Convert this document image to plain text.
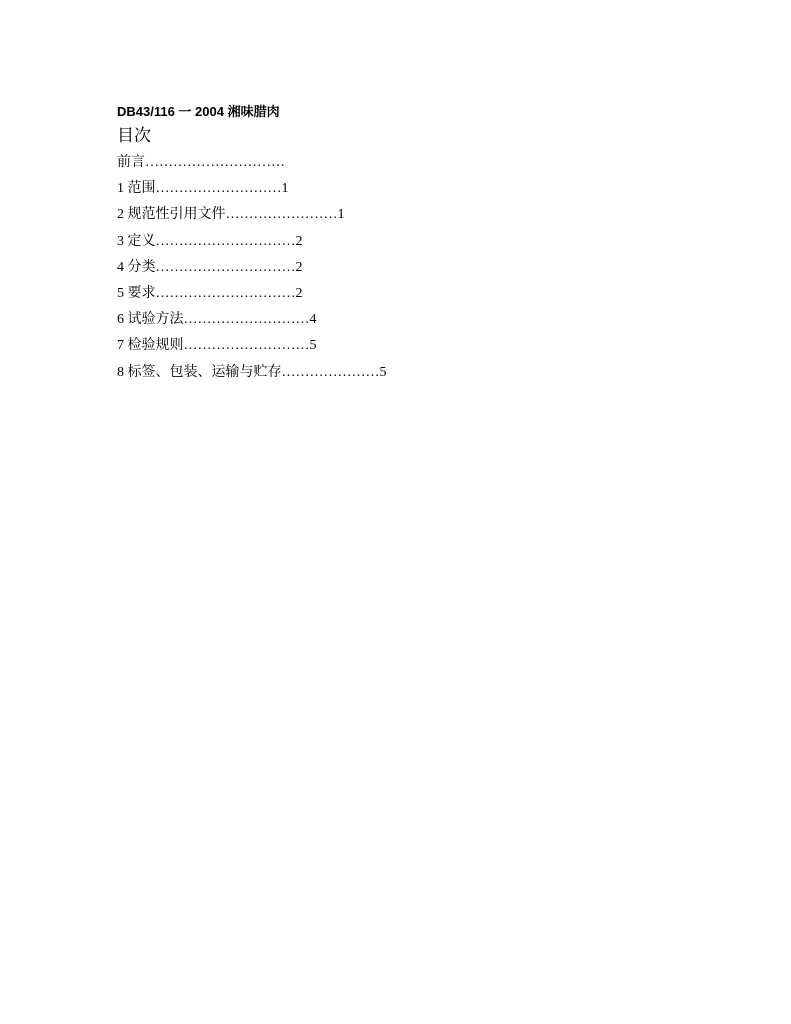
DB43/116 一 2004 湘味腊肉
目次
前言…………………………
1 范围………………………1
2 规范性引用文件……………………1
3 定义…………………………2
4 分类…………………………2
5 要求…………………………2
6 试验方法………………………4
7 检验规则………………………5
8 标签、包装、运输与贮存…………………5
